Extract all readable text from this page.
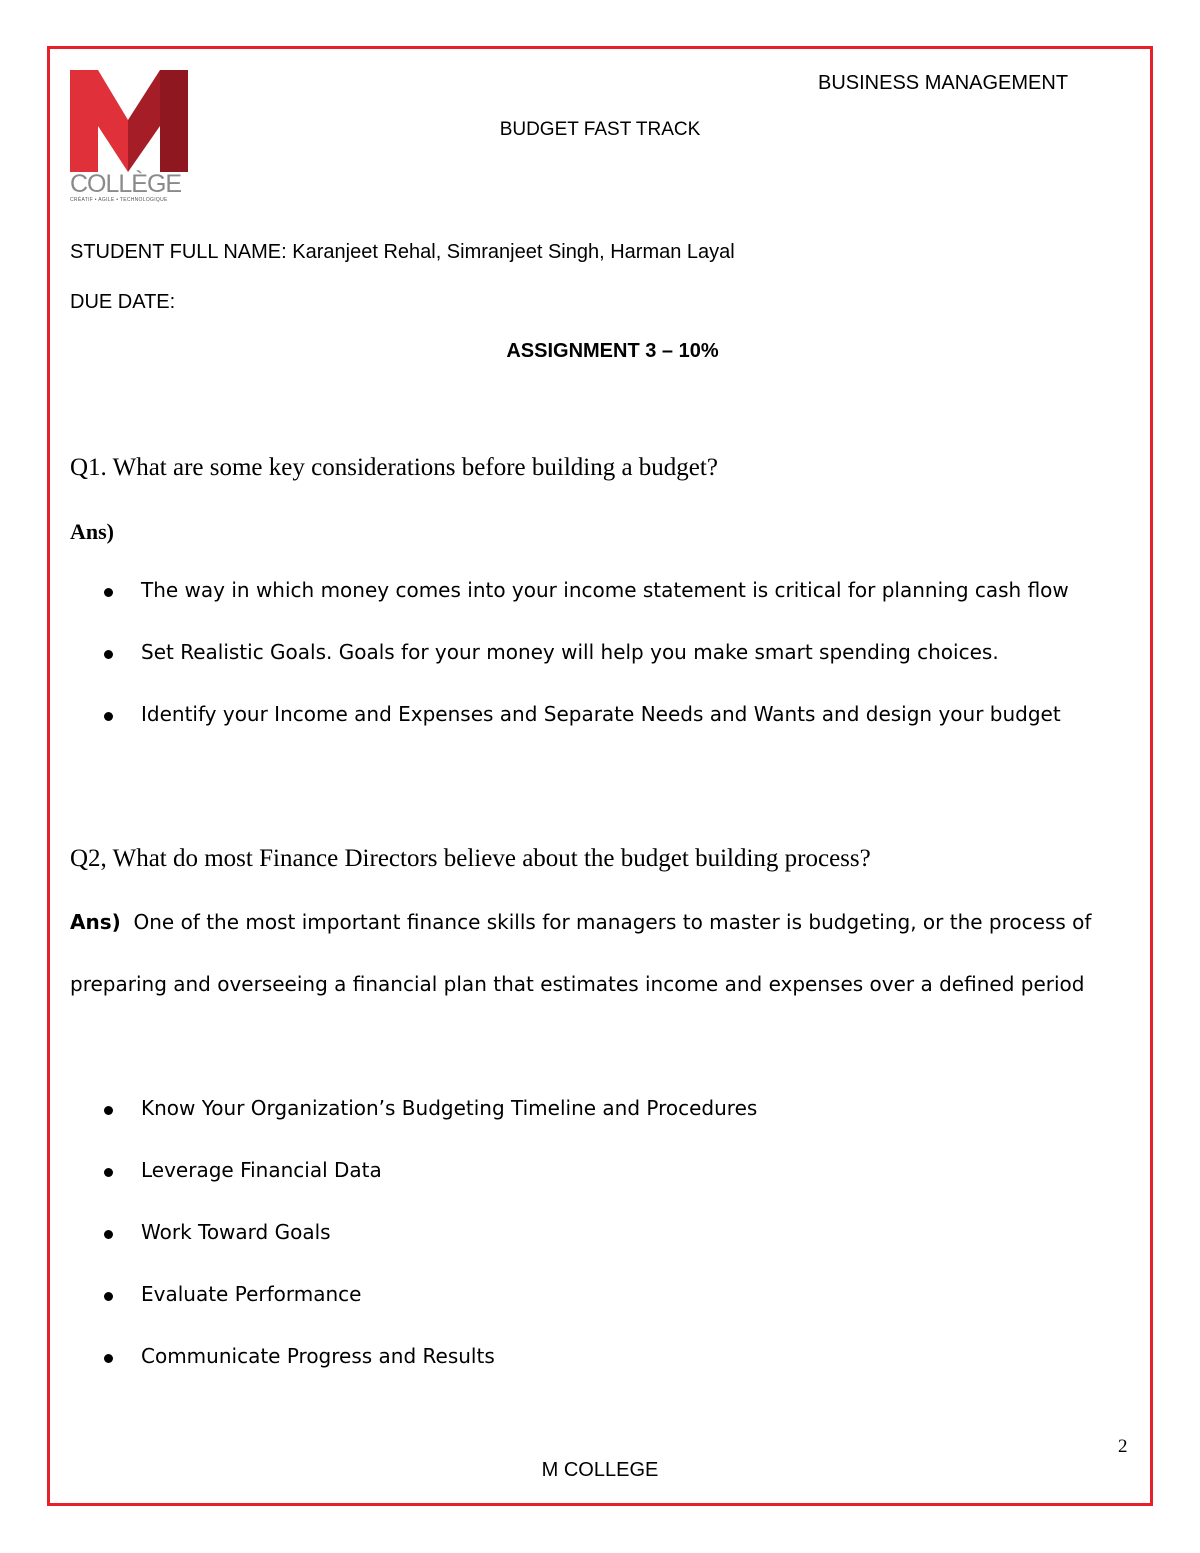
COLLÈGE
CRÉATIF • AGILE • TECHNOLOGIQUE
BUSINESS MANAGEMENT
BUDGET FAST TRACK
STUDENT FULL NAME: Karanjeet Rehal, Simranjeet Singh, Harman Layal
DUE DATE:
ASSIGNMENT 3 – 10%
Q1. What are some key considerations before building a budget?
Ans)
The way in which money comes into your income statement is critical for planning cash flow
Set Realistic Goals. Goals for your money will help you make smart spending choices.
Identify your Income and Expenses and Separate Needs and Wants and design your budget
Q2, What do most Finance Directors believe about the budget building process?
Ans) One of the most important finance skills for managers to master is budgeting, or the process of
preparing and overseeing a financial plan that estimates income and expenses over a defined period
Know Your Organization’s Budgeting Timeline and Procedures
Leverage Financial Data
Work Toward Goals
Evaluate Performance
Communicate Progress and Results
2
M COLLEGE
